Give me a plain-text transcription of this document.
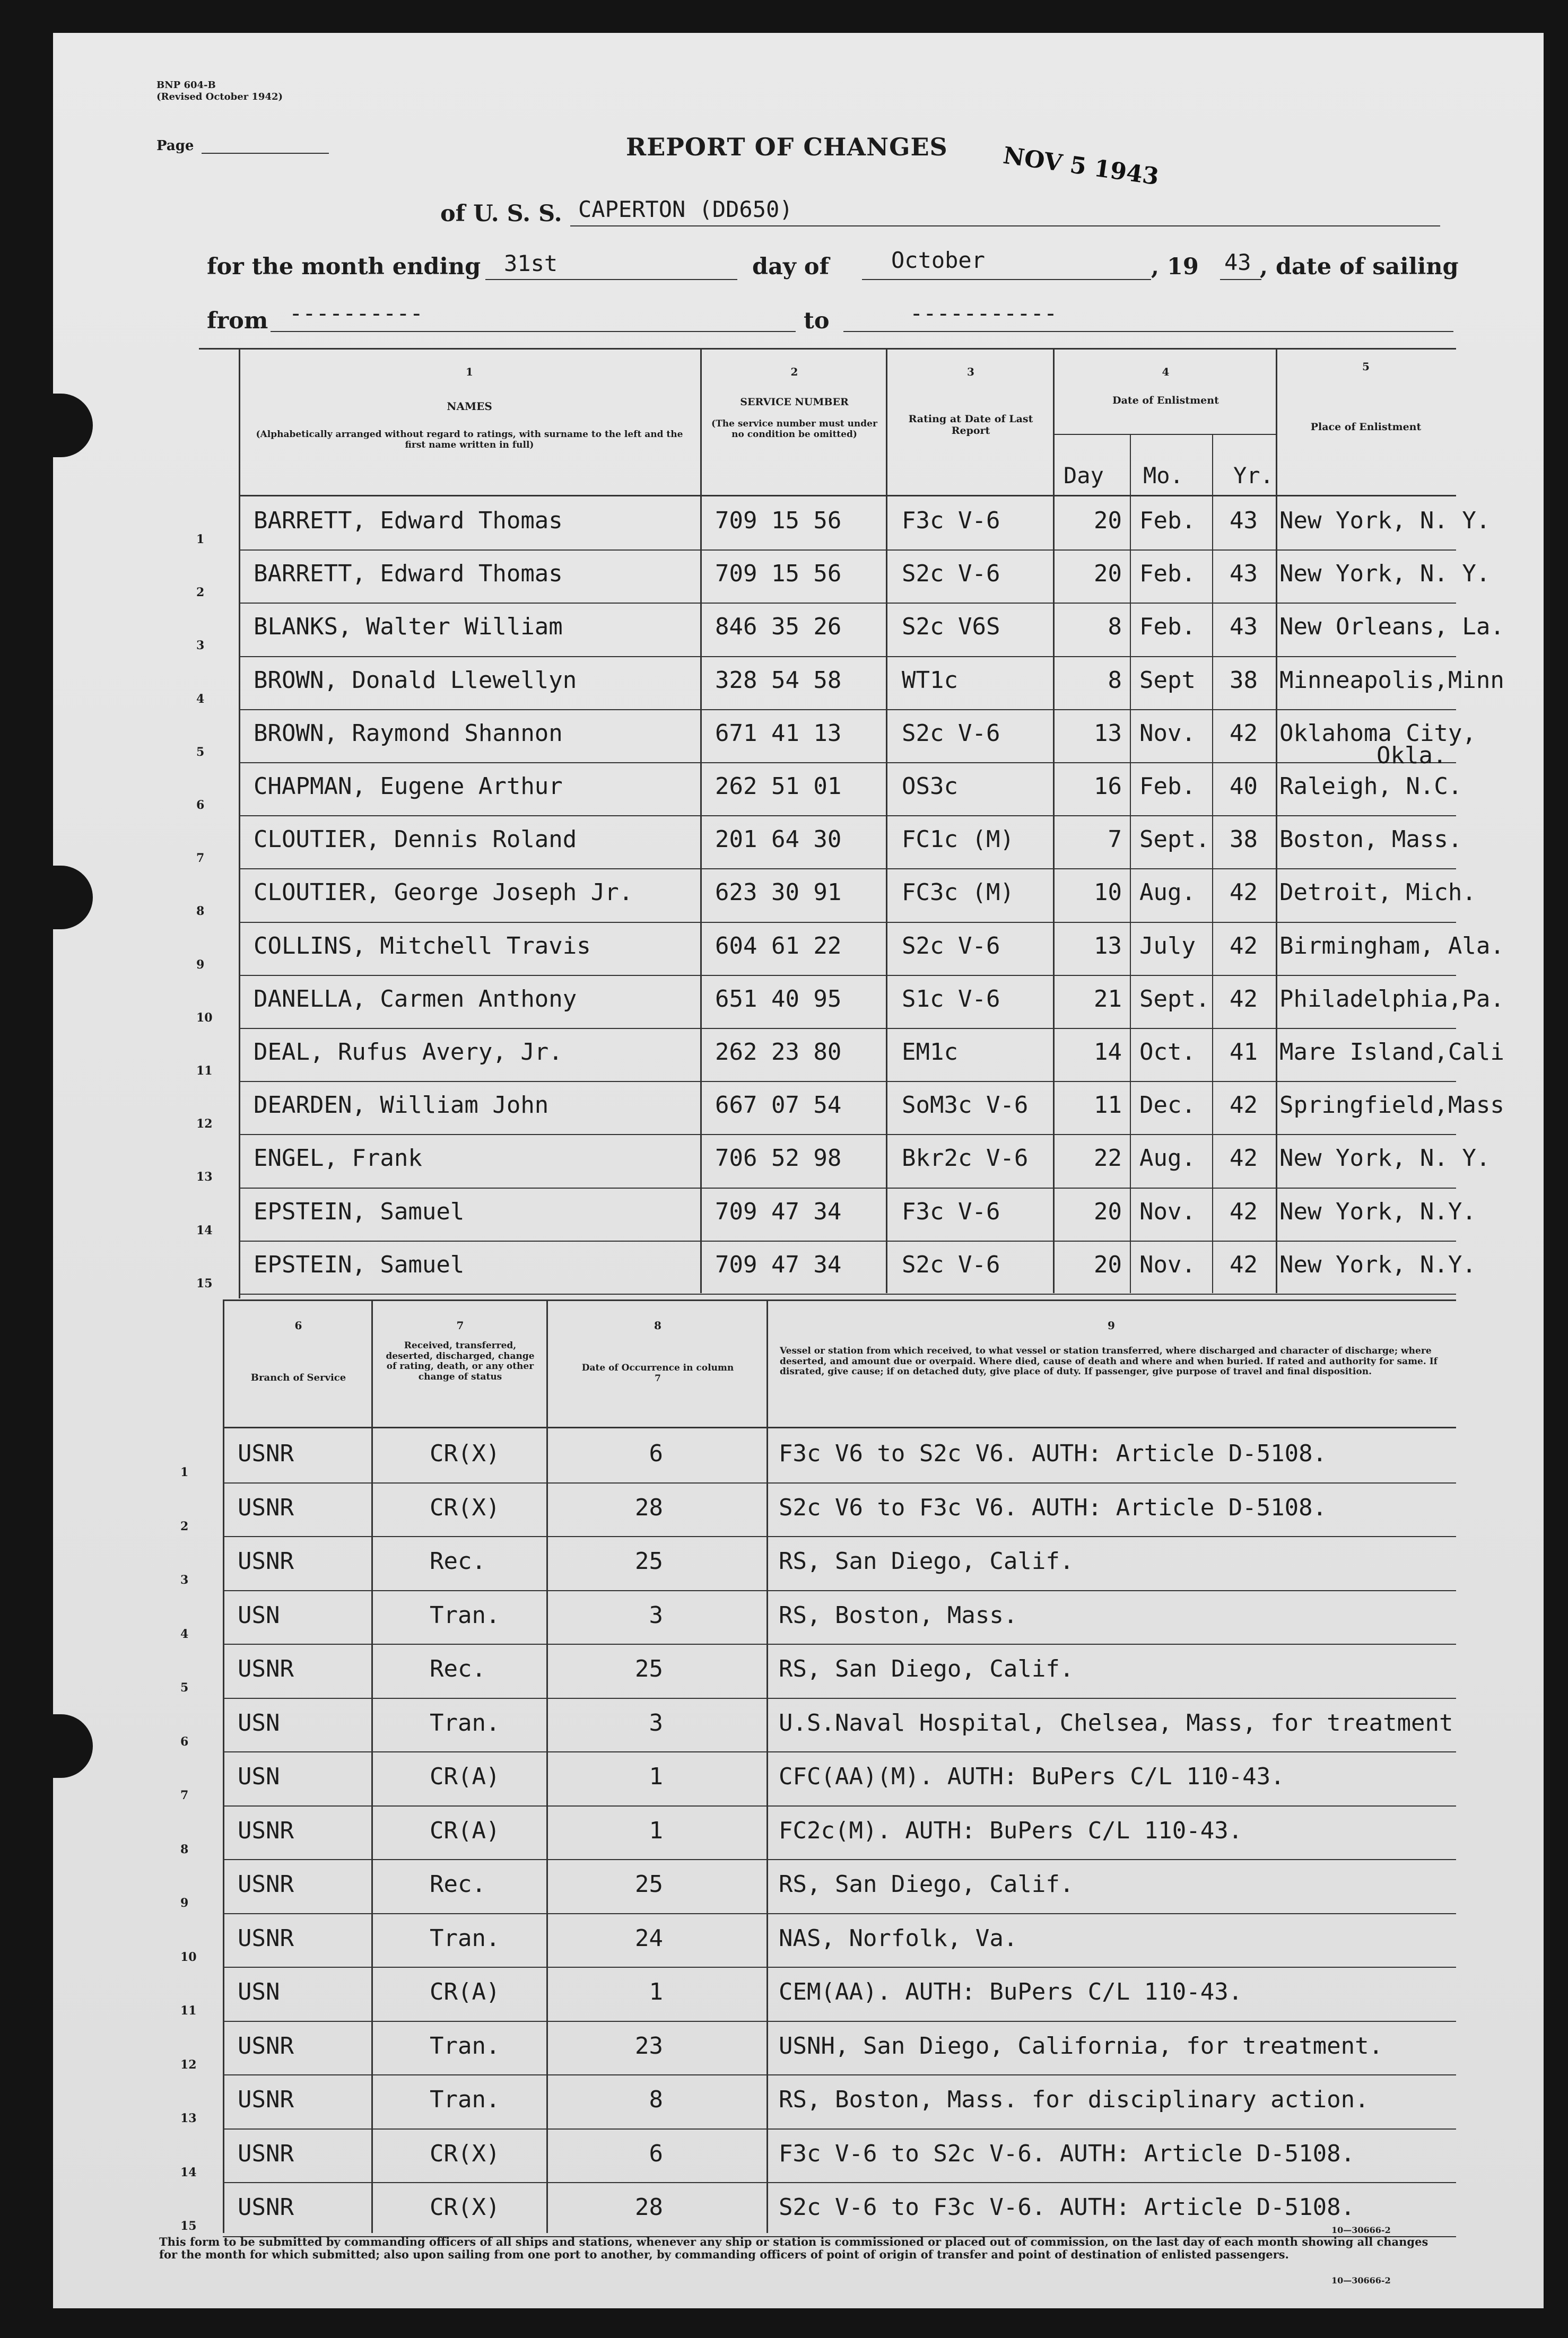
BNP 604-B
(Revised October 1942)
Page	REPORT OF CHANGES NOV 5 1943
of U. S. S. CAPERTON (DD650)
for the month ending 31st	day of	October	, 19 43 , date of sailing
from ----------	to	-----------
1
NAMES
(Alphabetically arranged without regard to ratings, with surname to the left and the first name written in full)
2
SERVICE NUMBER
(The service number must under no condition be omitted)
3
Rating at Date of Last Report
4
Date of Enlistment
Day Mo. Yr.
5
Place of Enlistment
1
BARRETT, Edward Thomas	709 15 56	F3c V-6	20 Feb. 43 New York, N. Y.
2
BARRETT, Edward Thomas	709 15 56	S2c V-6	20 Feb. 43 New York, N. Y.
3
BLANKS, Walter William	846 35 26	S2c V6S	8 Feb. 43 New Orleans, La.
4
BROWN, Donald Llewellyn	328 54 58	WT1c	8 Sept 38 Minneapolis,Minn
5
BROWN, Raymond Shannon	671 41 13	S2c V-6	13 Nov. 42 Oklahoma City,
Okla.
6
CHAPMAN, Eugene Arthur	262 51 01	OS3c	16 Feb. 40 Raleigh, N.C.
7
CLOUTIER, Dennis Roland	201 64 30	FC1c (M)	7 Sept. 38 Boston, Mass.
8
CLOUTIER, George Joseph Jr.	623 30 91	FC3c (M)	10 Aug. 42 Detroit, Mich.
9
COLLINS, Mitchell Travis	604 61 22	S2c V-6	13 July 42 Birmingham, Ala.
10
DANELLA, Carmen Anthony	651 40 95	S1c V-6	21 Sept. 42 Philadelphia,Pa.
11
DEAL, Rufus Avery, Jr.	262 23 80	EM1c	14 Oct. 41 Mare Island,Cali
12
DEARDEN, William John	667 07 54	SoM3c V-6	11 Dec. 42 Springfield,Mass
13
ENGEL, Frank	706 52 98	Bkr2c V-6	22 Aug. 42 New York, N. Y.
14
EPSTEIN, Samuel	709 47 34	F3c V-6	20 Nov. 42 New York, N.Y.
15
EPSTEIN, Samuel	709 47 34	S2c V-6	20 Nov. 42 New York, N.Y.
6
Branch of Service
7
Received, transferred, deserted, discharged, change of rating, death, or any other change of status
8
Date of Occurrence in column 7
9
Vessel or station from which received, to what vessel or station transferred, where discharged and character of discharge; where deserted, and amount due or overpaid. Where died, cause of death and where and when buried. If rated and authority for same. If disrated, give cause; if on detached duty, give place of duty. If passenger, give purpose of travel and final disposition.
1
USNR	CR(X)	6	F3c V6 to S2c V6. AUTH: Article D-5108.
2
USNR	CR(X)	28	S2c V6 to F3c V6. AUTH: Article D-5108.
3
USNR	Rec.	25	RS, San Diego, Calif.
4
USN	Tran.	3	RS, Boston, Mass.
5
USNR	Rec.	25	RS, San Diego, Calif.
6
USN	Tran.	3	U.S.Naval Hospital, Chelsea, Mass, for treatment
7
USN	CR(A)	1	CFC(AA)(M). AUTH: BuPers C/L 110-43.
8
USNR	CR(A)	1	FC2c(M). AUTH: BuPers C/L 110-43.
9
USNR	Rec.	25	RS, San Diego, Calif.
10
USNR	Tran.	24	NAS, Norfolk, Va.
11
USN	CR(A)	1	CEM(AA). AUTH: BuPers C/L 110-43.
12
USNR	Tran.	23	USNH, San Diego, California, for treatment.
13
USNR	Tran.	8	RS, Boston, Mass. for disciplinary action.
14
USNR	CR(X)	6	F3c V-6 to S2c V-6. AUTH: Article D-5108.
15
USNR	CR(X)	28	S2c V-6 to F3c V-6. AUTH: Article D-5108.
10—30666-2
This form to be submitted by commanding officers of all ships and stations, whenever any ship or station is commissioned or placed out of commission, on the last day of each month showing all changes for the month for which submitted; also upon sailing from one port to another, by commanding officers of point of origin of transfer and point of destination of enlisted passengers.
10—30666-2
